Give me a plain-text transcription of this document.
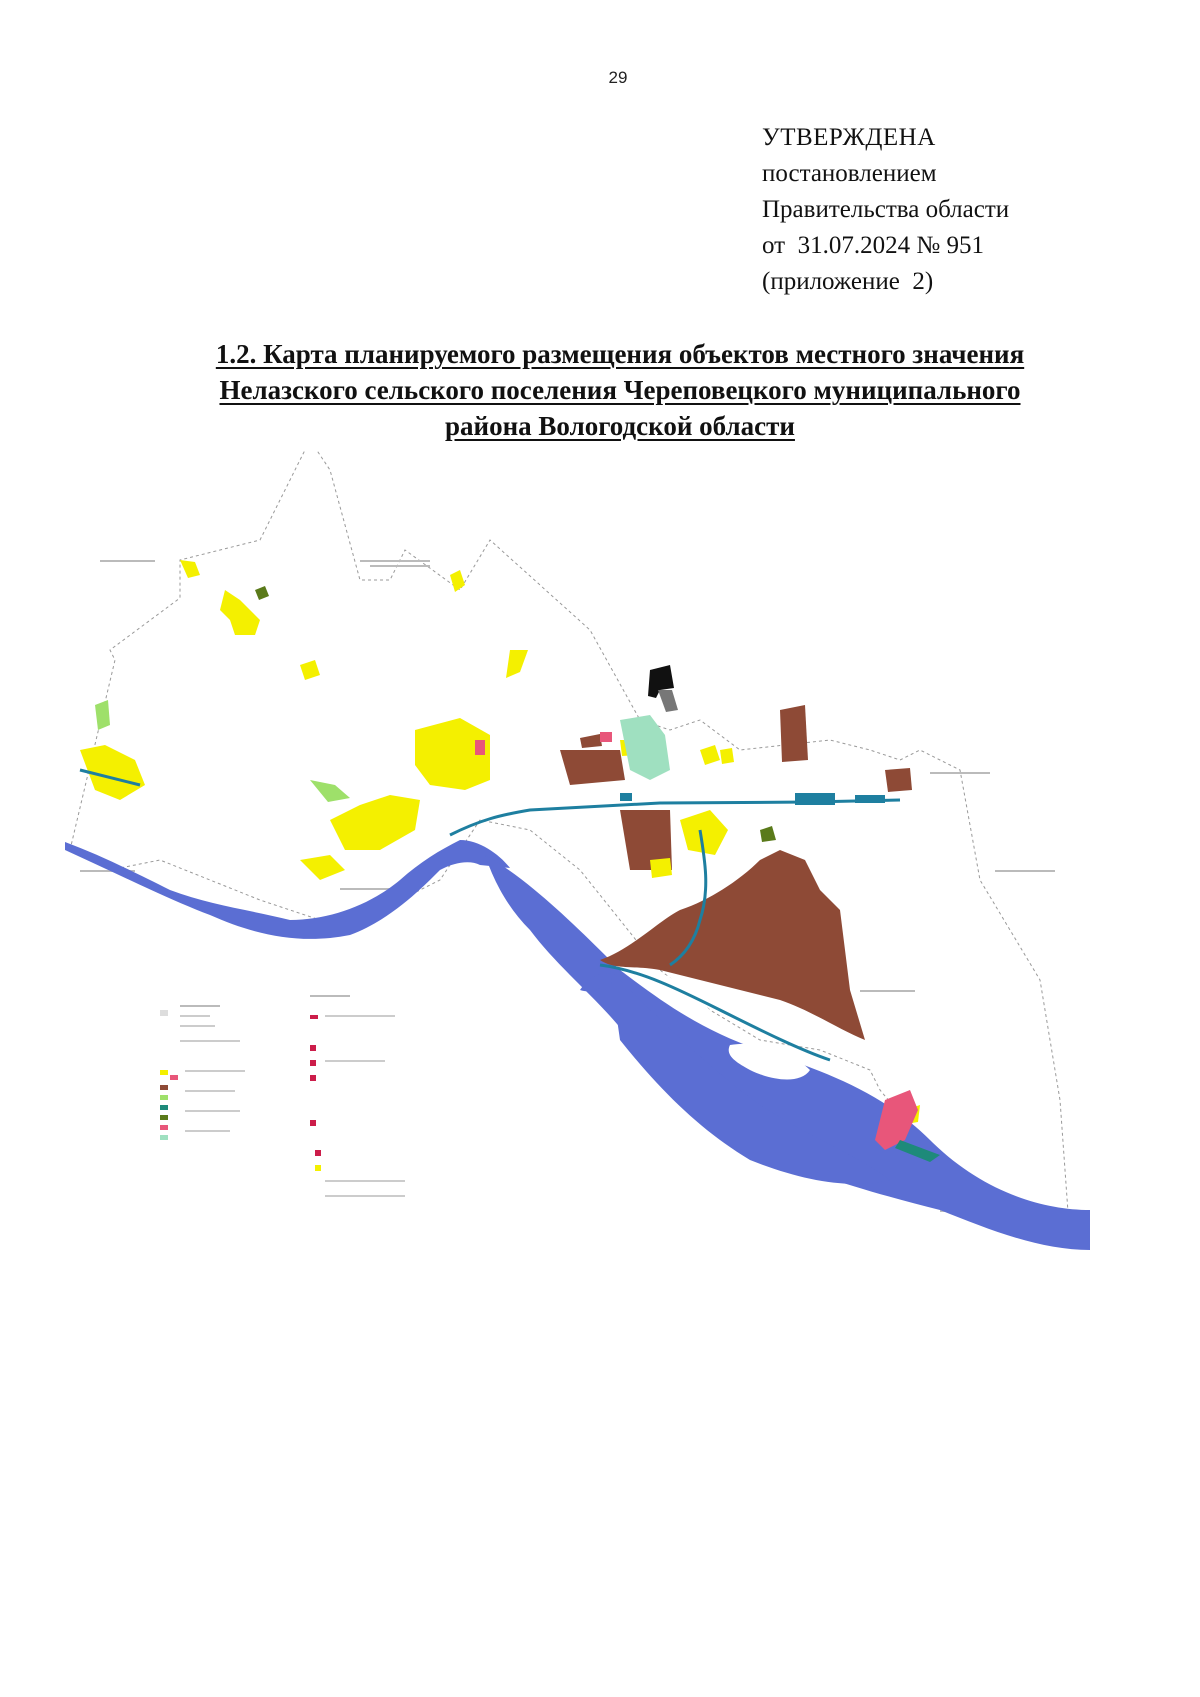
29
УТВЕРЖДЕНА
постановлением
Правительства области
от  31.07.2024 № 951
(приложение  2)
1.2. Карта планируемого размещения объектов местного значения
Нелазского сельского поселения Череповецкого муниципального
района Вологодской области
